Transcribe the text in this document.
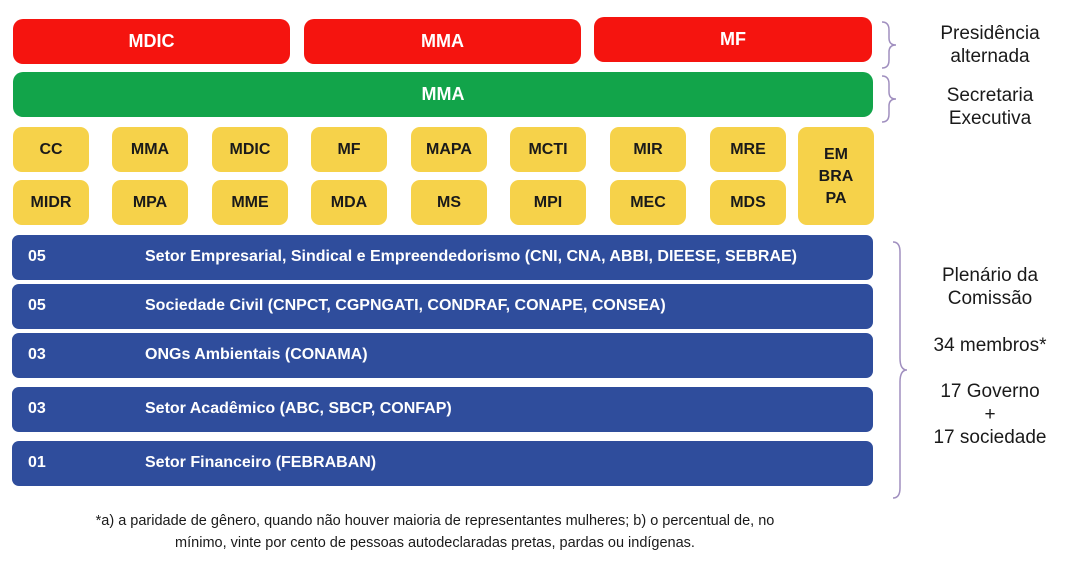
MDIC	MMA	MF
MMA
CC	MMA	MDIC	MF	MAPA	MCTI	MIR	MRE
MIDR	MPA	MME	MDA	MS	MPI	MEC	MDS
EM
BRA
PA
05	Setor Empresarial, Sindical e Empreendedorismo (CNI, CNA, ABBI, DIEESE, SEBRAE)
05	Sociedade Civil (CNPCT, CGPNGATI, CONDRAF, CONAPE, CONSEA)
03	ONGs Ambientais (CONAMA)
03	Setor Acadêmico (ABC, SBCP, CONFAP)
01	Setor Financeiro (FEBRABAN)
Presidência
alternada
Secretaria
Executiva
Plenário da
Comissão
34 membros*
17 Governo
+
17 sociedade
*a) a paridade de gênero, quando não houver maioria de representantes mulheres; b) o percentual de, no
mínimo, vinte por cento de pessoas autodeclaradas pretas, pardas ou indígenas.
